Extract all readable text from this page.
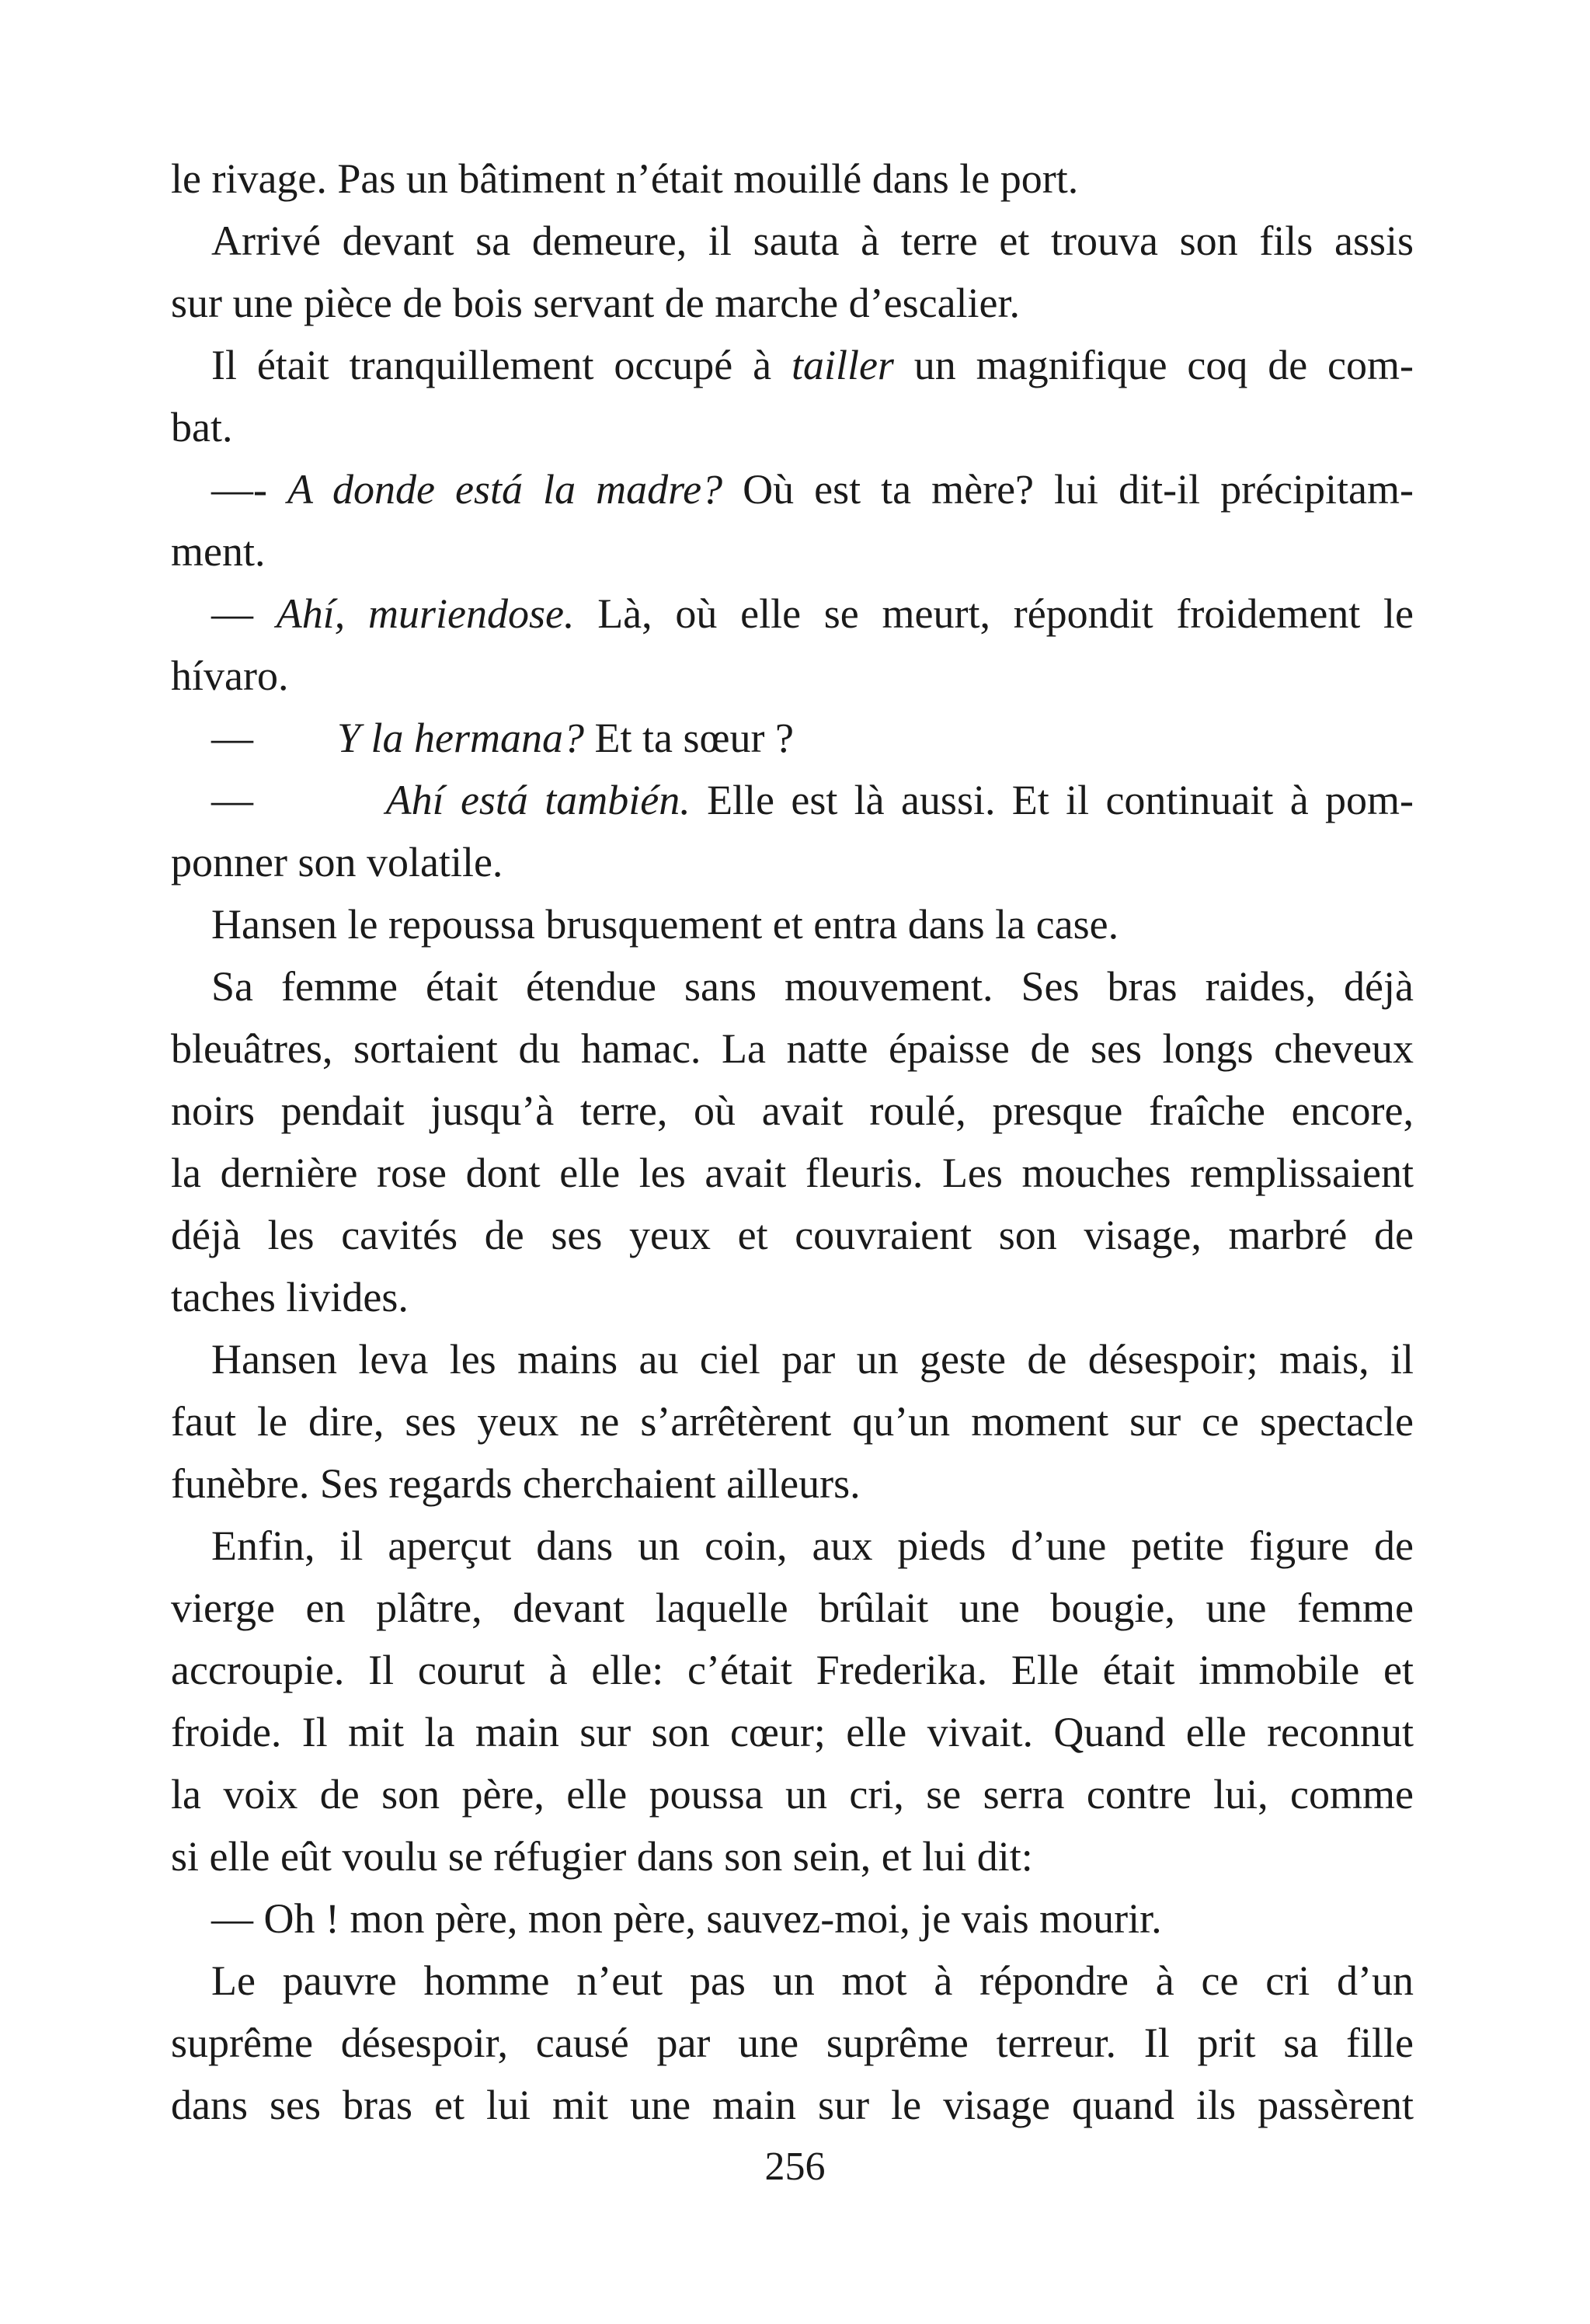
le rivage. Pas un bâtiment n’était mouillé dans le port.
Arrivé devant sa demeure, il sauta à terre et trouva son fils assis
sur une pièce de bois servant de marche d’escalier.
Il était tranquillement occupé à tailler un magnifique coq de com-
bat.
—- A donde está la madre? Où est ta mère? lui dit-il précipitam-
ment.
— Ahí, muriendose. Là, où elle se meurt, répondit froidement le
hívaro.
—        Y la hermana? Et ta sœur ?
—        Ahí está también. Elle est là aussi. Et il continuait à pom-
ponner son volatile.
Hansen le repoussa brusquement et entra dans la case.
Sa femme était étendue sans mouvement. Ses bras raides, déjà
bleuâtres, sortaient du hamac. La natte épaisse de ses longs cheveux
noirs pendait jusqu’à terre, où avait roulé, presque fraîche encore,
la dernière rose dont elle les avait fleuris. Les mouches remplissaient
déjà les cavités de ses yeux et couvraient son visage, marbré de
taches livides.
Hansen leva les mains au ciel par un geste de désespoir; mais, il
faut le dire, ses yeux ne s’arrêtèrent qu’un moment sur ce spectacle
funèbre. Ses regards cherchaient ailleurs.
Enfin, il aperçut dans un coin, aux pieds d’une petite figure de
vierge en plâtre, devant laquelle brûlait une bougie, une femme
accroupie. Il courut à elle: c’était Frederika. Elle était immobile et
froide. Il mit la main sur son cœur; elle vivait. Quand elle reconnut
la voix de son père, elle poussa un cri, se serra contre lui, comme
si elle eût voulu se réfugier dans son sein, et lui dit:
— Oh ! mon père, mon père, sauvez-moi, je vais mourir.
Le pauvre homme n’eut pas un mot à répondre à ce cri d’un
suprême désespoir, causé par une suprême terreur. Il prit sa fille
dans ses bras et lui mit une main sur le visage quand ils passèrent
256
